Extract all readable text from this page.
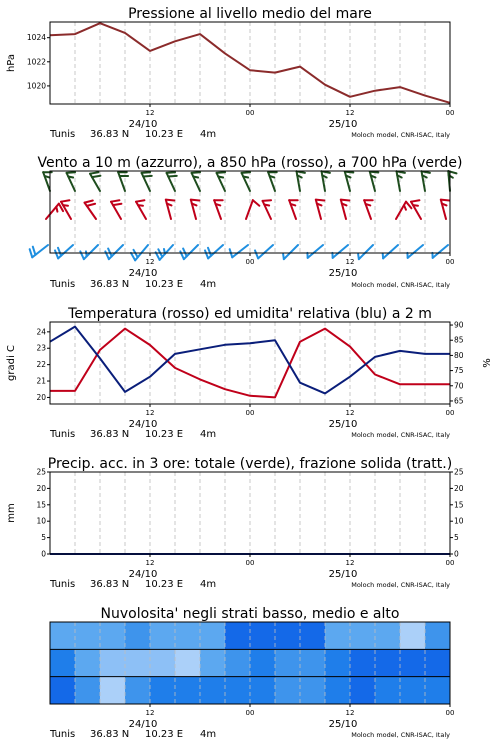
1020
1022
1024
Pressione al livello medio del mare
hPa
12	00	12	00
24/10	25/10
Tunis 36.83 N 10.23 E 4m	Moloch model, CNR-ISAC, Italy
Vento a 10 m (azzurro), a 850 hPa (rosso), a 700 hPa (verde)
12	00	12	00
24/10	25/10
Tunis 36.83 N 10.23 E 4m	Moloch model, CNR-ISAC, Italy
20
21
22
23
24
65
70
75
80
85
90
Temperatura (rosso) ed umidita' relativa (blu) a 2 m
gradi C	%
12	00	12	00
24/10	25/10
Tunis 36.83 N 10.23 E 4m	Moloch model, CNR-ISAC, Italy
0
5
10
15
20
25
0
5
10
15
20
25
Precip. acc. in 3 ore: totale (verde), frazione solida (tratt.)
mm
12	00	12	00
24/10	25/10
Tunis 36.83 N 10.23 E 4m	Moloch model, CNR-ISAC, Italy
Nuvolosita' negli strati basso, medio e alto
12	00	12	00
24/10	25/10
Tunis 36.83 N 10.23 E 4m	Moloch model, CNR-ISAC, Italy
